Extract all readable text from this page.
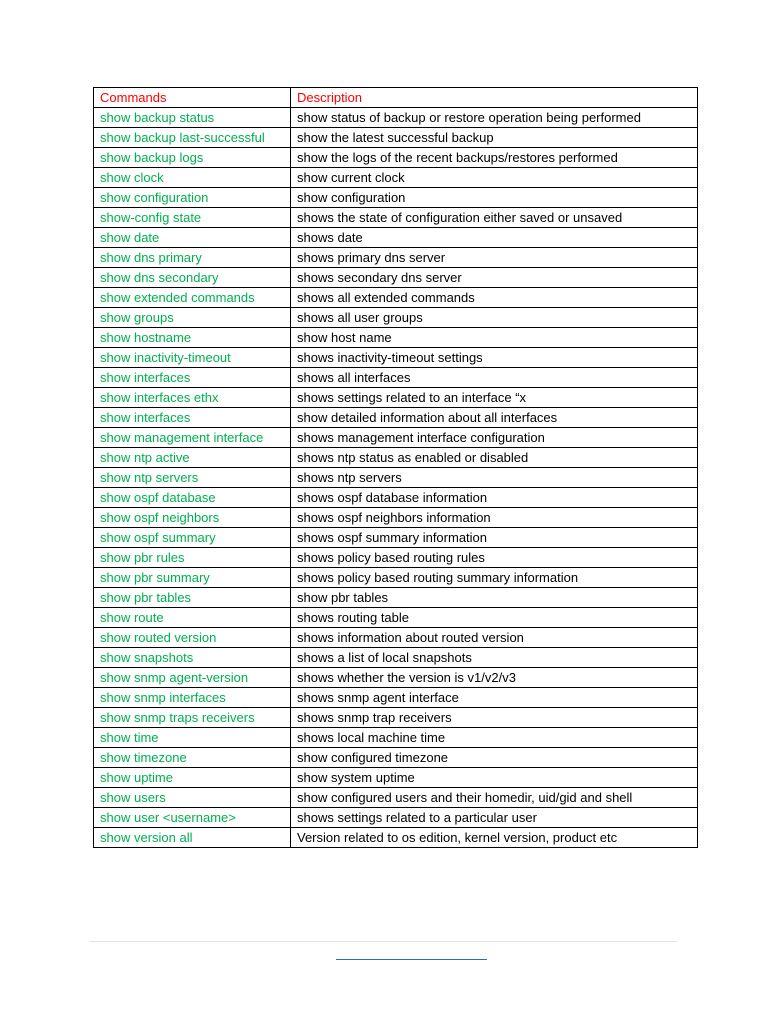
Commands	Description
show backup status	show status of backup or restore operation being performed
show backup last-successful	show the latest successful backup
show backup logs	show the logs of the recent backups/restores performed
show clock	show current clock
show configuration	show configuration
show-config state	shows the state of configuration either saved or unsaved
show date	shows date
show dns primary	shows primary dns server
show dns secondary	shows secondary dns server
show extended commands	shows all extended commands
show groups	shows all user groups
show hostname	show host name
show inactivity-timeout	shows inactivity-timeout settings
show interfaces	shows all interfaces
show interfaces ethx	shows settings related to an interface “x
show interfaces	show detailed information about all interfaces
show management interface	shows management interface configuration
show ntp active	shows ntp status as enabled or disabled
show ntp servers	shows ntp servers
show ospf database	shows ospf database information
show ospf neighbors	shows ospf neighbors information
show ospf summary	shows ospf summary information
show pbr rules	shows policy based routing rules
show pbr summary	shows policy based routing summary information
show pbr tables	show pbr tables
show route	shows routing table
show routed version	shows information about routed version
show snapshots	shows a list of local snapshots
show snmp agent-version	shows whether the version is v1/v2/v3
show snmp interfaces	shows snmp agent interface
show snmp traps receivers	shows snmp trap receivers
show time	shows local machine time
show timezone	show configured timezone
show uptime	show system uptime
show users	show configured users and their homedir, uid/gid and shell
show user <username>	shows settings related to a particular user
show version all	Version related to os edition, kernel version, product etc
